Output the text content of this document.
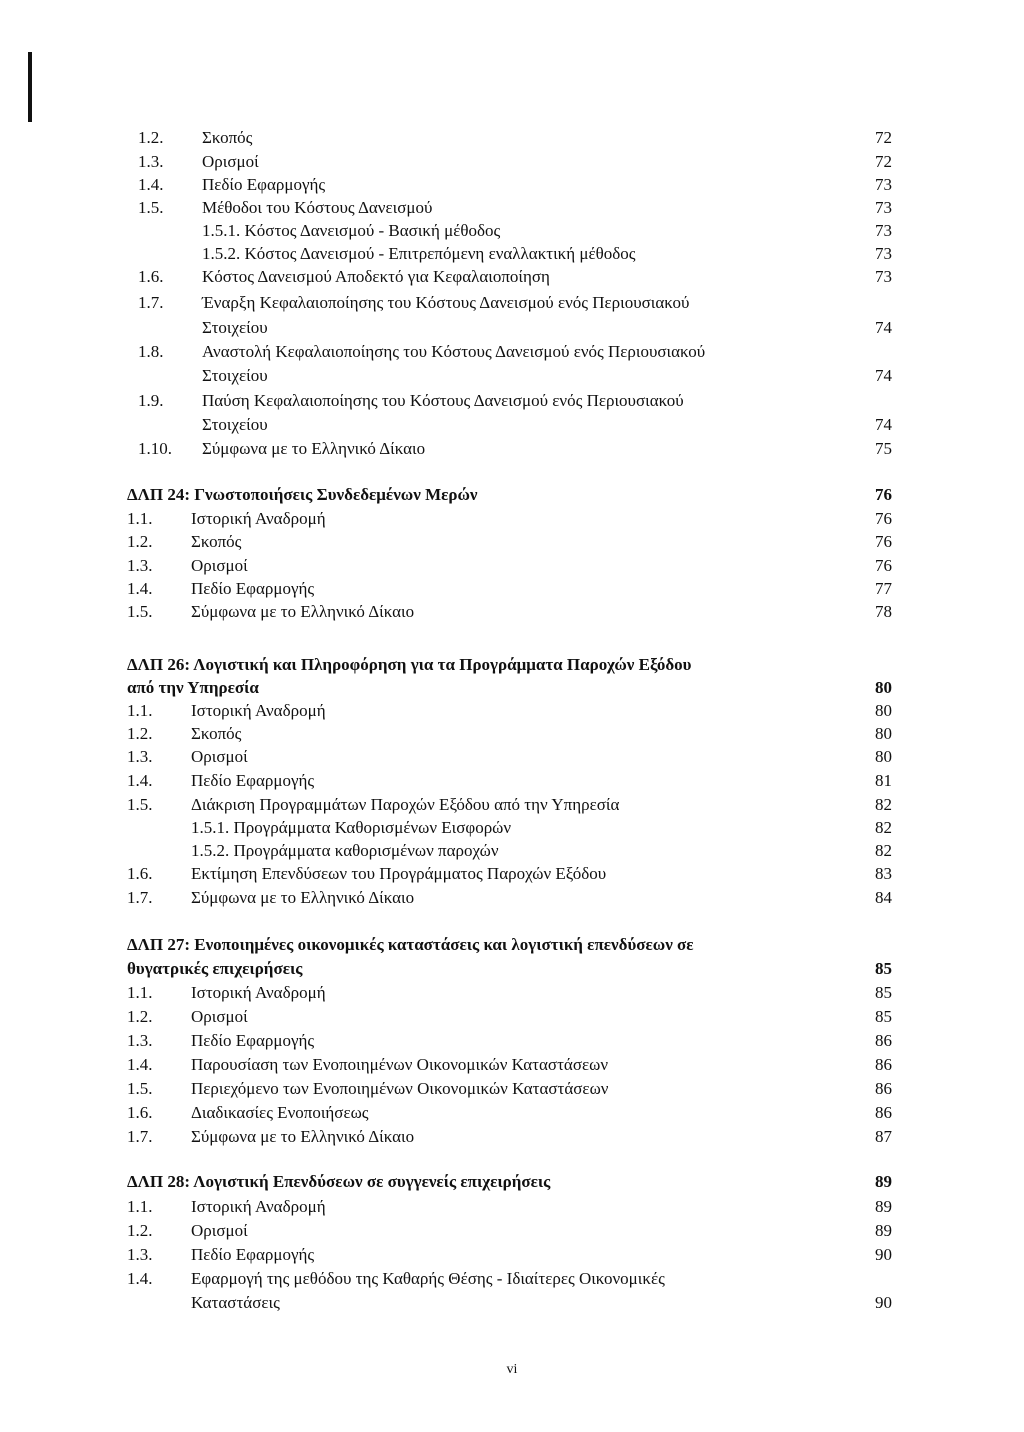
1.2. Σκοπός	72
1.3. Ορισμοί	72
1.4. Πεδίο Εφαρμογής	73
1.5. Μέθοδοι του Κόστους Δανεισμού	73
1.5.1. Κόστος Δανεισμού - Βασική μέθοδος	73
1.5.2. Κόστος Δανεισμού - Επιτρεπόμενη εναλλακτική μέθοδος	73
1.6. Κόστος Δανεισμού Αποδεκτό για Κεφαλαιοποίηση	73
1.7. Έναρξη Κεφαλαιοποίησης του Κόστους Δανεισμού ενός Περιουσιακού
Στοιχείου	74
1.8. Αναστολή Κεφαλαιοποίησης του Κόστους Δανεισμού ενός Περιουσιακού
Στοιχείου	74
1.9. Παύση Κεφαλαιοποίησης του Κόστους Δανεισμού ενός Περιουσιακού
Στοιχείου	74
1.10. Σύμφωνα με το Ελληνικό Δίκαιο	75
ΔΛΠ 24: Γνωστοποιήσεις Συνδεδεμένων Μερών	76
1.1. Ιστορική Αναδρομή	76
1.2. Σκοπός	76
1.3. Ορισμοί	76
1.4. Πεδίο Εφαρμογής	77
1.5. Σύμφωνα με το Ελληνικό Δίκαιο	78
ΔΛΠ 26: Λογιστική και Πληροφόρηση για τα Προγράμματα Παροχών Εξόδου
από την Υπηρεσία	80
1.1. Ιστορική Αναδρομή	80
1.2. Σκοπός	80
1.3. Ορισμοί	80
1.4. Πεδίο Εφαρμογής	81
1.5. Διάκριση Προγραμμάτων Παροχών Εξόδου από την Υπηρεσία	82
1.5.1. Προγράμματα Καθορισμένων Εισφορών	82
1.5.2. Προγράμματα καθορισμένων παροχών	82
1.6. Εκτίμηση Επενδύσεων του Προγράμματος Παροχών Εξόδου	83
1.7. Σύμφωνα με το Ελληνικό Δίκαιο	84
ΔΛΠ 27: Ενοποιημένες οικονομικές καταστάσεις και λογιστική επενδύσεων σε
θυγατρικές επιχειρήσεις	85
1.1. Ιστορική Αναδρομή	85
1.2. Ορισμοί	85
1.3. Πεδίο Εφαρμογής	86
1.4. Παρουσίαση των Ενοποιημένων Οικονομικών Καταστάσεων	86
1.5. Περιεχόμενο των Ενοποιημένων Οικονομικών Καταστάσεων	86
1.6. Διαδικασίες Ενοποιήσεως	86
1.7. Σύμφωνα με το Ελληνικό Δίκαιο	87
ΔΛΠ 28: Λογιστική Επενδύσεων σε συγγενείς επιχειρήσεις	89
1.1. Ιστορική Αναδρομή	89
1.2. Ορισμοί	89
1.3. Πεδίο Εφαρμογής	90
1.4. Εφαρμογή της μεθόδου της Καθαρής Θέσης - Ιδιαίτερες Οικονομικές
Καταστάσεις	90
vi
